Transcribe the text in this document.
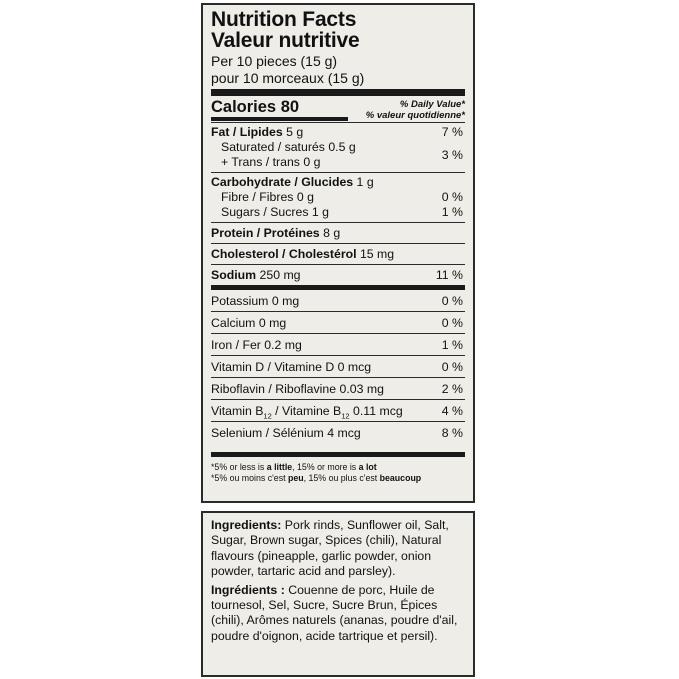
Nutrition Facts
Valeur nutritive
Per 10 pieces (15 g)
pour 10 morceaux (15 g)
Calories 80	% Daily Value*
% valeur quotidienne*
Fat / Lipides 5 g	7 %
Saturated / saturés 0.5 g
+ Trans / trans 0 g	3 %
Carbohydrate / Glucides 1 g
Fibre / Fibres 0 g	0 %
Sugars / Sucres 1 g	1 %
Protein / Protéines 8 g
Cholesterol / Cholestérol 15 mg
Sodium 250 mg	11 %
Potassium 0 mg	0 %
Calcium 0 mg	0 %
Iron / Fer 0.2 mg	1 %
Vitamin D / Vitamine D 0 mcg	0 %
Riboflavin / Riboflavine 0.03 mg	2 %
Vitamin $B_{12}$ / Vitamine $B_{12}$ 0.11 mcg	4 %
Selenium / Sélénium 4 mcg	8 %
*5% or less is a little, 15% or more is a lot
*5% ou moins c'est peu, 15% ou plus c'est beaucoup
Ingredients: Pork rinds, Sunflower oil, Salt, Sugar, Brown sugar, Spices (chili), Natural flavours (pineapple, garlic powder, onion powder, tartaric acid and parsley).
Ingrédients : Couenne de porc, Huile de tournesol, Sel, Sucre, Sucre Brun, Épices (chili), Arômes naturels (ananas, poudre d'ail, poudre d'oignon, acide tartrique et persil).
